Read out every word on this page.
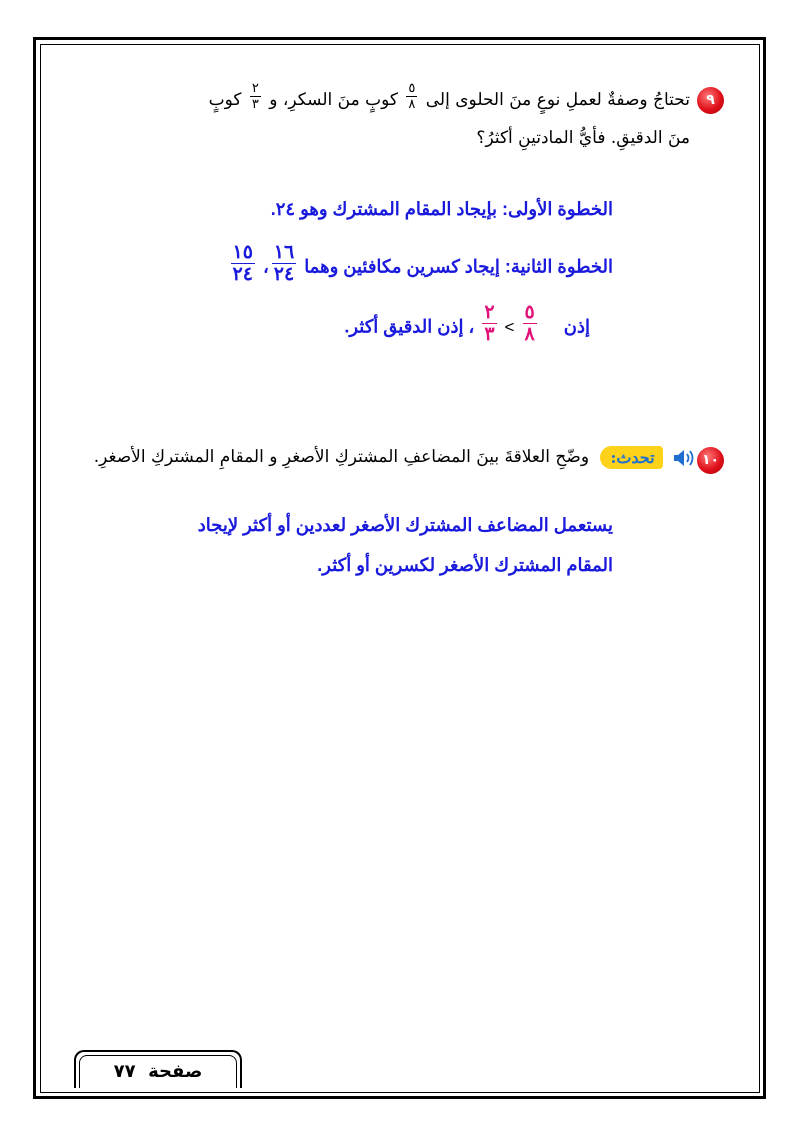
٩
تحتاجُ وصفةٌ لعملِ نوعٍ منَ الحلوى إلى
$\frac{٥}{٨}$
كوبٍ منَ السكرِ، و
$\frac{٢}{٣}$
كوبٍ
منَ الدقيقِ. فأيُّ المادتينِ أكثرُ؟
الخطوة الأولى: بإيجاد المقام المشترك وهو ٢٤.
الخطوة الثانية: إيجاد كسرين مكافئين وهما
$\frac{١٦}{٢٤}$
،
$\frac{١٥}{٢٤}$
إذن
$\frac{٥}{٨}$
>
$\frac{٢}{٣}$
، إذن الدقيق أكثر.
١٠
تحدث: وضّحِ العلاقةَ بينَ المضاعفِ المشتركِ الأصغرِ و المقامِ المشتركِ الأصغرِ.
يستعمل المضاعف المشترك الأصغر لعددين أو أكثر لإيجاد
المقام المشترك الأصغر لكسرين أو أكثر.
صفحة  ٧٧
